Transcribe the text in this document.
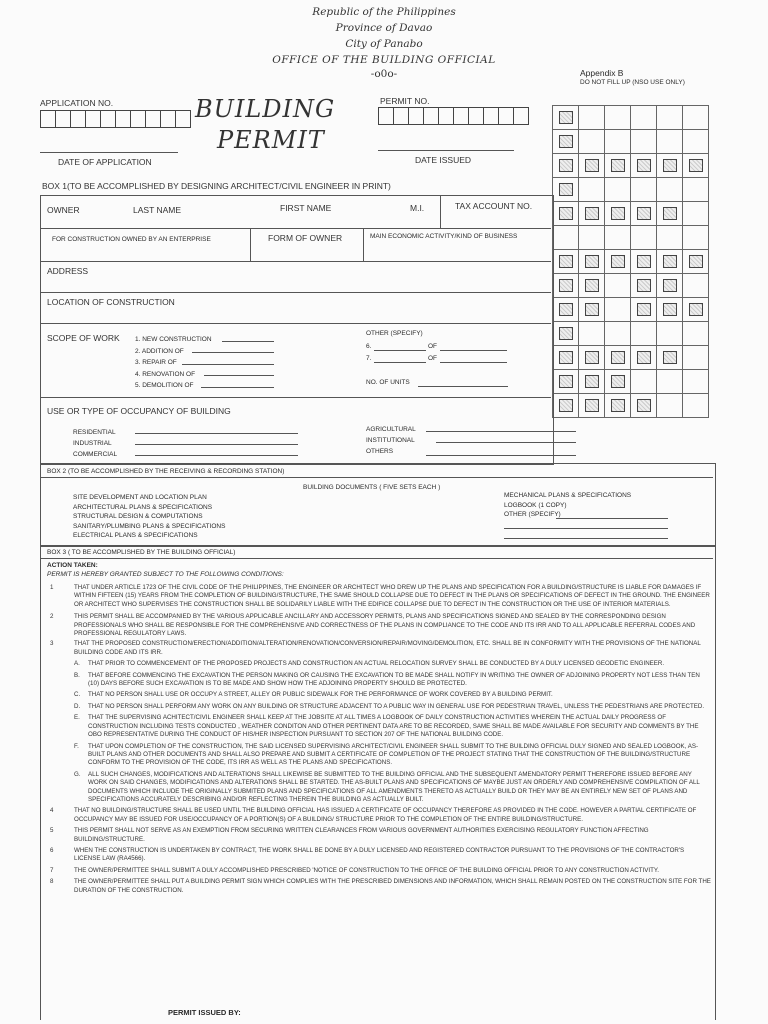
Republic of the Philippines
Province of Davao
City of Panabo
OFFICE OF THE BUILDING OFFICIAL
-o0o-	Appendix B
DO NOT FILL UP (NSO USE ONLY)
APPLICATION NO.
DATE OF APPLICATION
BUILDING
PERMIT
PERMIT NO.
DATE ISSUED

BOX 1(TO BE ACCOMPLISHED BY DESIGNING ARCHITECT/CIVIL ENGINEER IN PRINT)
OWNER	LAST NAME	FIRST NAME	M.I.	TAX ACCOUNT NO.
FOR CONSTRUCTION OWNED BY AN ENTERPRISE	FORM OF OWNER	MAIN ECONOMIC ACTIVITY/KIND OF BUSINESS
ADDRESS
LOCATION OF CONSTRUCTION
SCOPE OF WORK 1. NEW CONSTRUCTION
2. ADDITION OF
3. REPAIR OF
4. RENOVATION OF
5. DEMOLITION OF
OTHER (SPECIFY)
6.	OF
7.	OF
NO. OF UNITS
USE OR TYPE OF OCCUPANCY OF BUILDING
RESIDENTIAL
INDUSTRIAL
COMMERCIAL
AGRICULTURAL
INSTITUTIONAL
OTHERS
BOX 2 (TO BE ACCOMPLISHED BY THE RECEIVING & RECORDING STATION)
BUILDING DOCUMENTS ( FIVE SETS EACH )
SITE DEVELOPMENT AND LOCATION PLAN
ARCHITECTURAL PLANS & SPECIFICATIONS
STRUCTURAL DESIGN & COMPUTATIONS
SANITARY/PLUMBING PLANS & SPECIFICATIONS
ELECTRICAL PLANS & SPECIFICATIONS
MECHANICAL PLANS & SPECIFICATIONS
LOGBOOK (1 COPY)
OTHER (SPECIFY)
BOX 3 ( TO BE ACCOMPLISHED BY THE BUILDING OFFICIAL)
ACTION TAKEN:
PERMIT IS HEREBY GRANTED SUBJECT TO THE FOLLOWING CONDITIONS:
1	THAT UNDER ARTICLE 1723 OF THE CIVIL CODE OF THE PHILIPPINES, THE ENGINEER OR ARCHITECT WHO DREW UP THE PLANS AND SPECIFICATION FOR A BUILDING/STRUCTURE IS LIABLE FOR DAMAGES IF WITHIN FIFTEEN (15) YEARS FROM THE COMPLETION OF BUILDING/STRUCTURE, THE SAME SHOULD COLLAPSE DUE TO DEFECT IN THE PLANS OR SPECIFICATIONS OF DEFECT IN THE GROUND. THE ENGINEER OR ARCHITECT WHO SUPERVISES THE CONSTRUCTION SHALL BE SOLIDARILY LIABLE WITH THE EDIFICE COLLAPSE DUE TO DEFECT IN THE CONSTRUCTION OR THE USE OF INTERIOR MATERIALS.
2	THIS PERMIT SHALL BE ACCOMPANIED BY THE VARIOUS APPLICABLE ANCILLARY AND ACCESSORY PERMITS, PLANS AND SPECIFICATIONS SIGNED AND SEALED BY THE CORRESPONDING DESIGN PROFESSIONALS WHO SHALL BE RESPONSIBLE FOR THE COMPREHENSIVE AND CORRECTNESS OF THE PLANS IN COMPLIANCE TO THE CODE AND ITS IRR AND TO ALL APPLICABLE REFERRAL CODES AND PROFESSIONAL REGULATORY LAWS.
3	THAT THE PROPOSED CONSTRUCTION/ERECTION/ADDITION/ALTERATION/RENOVATION/CONVERSION/REPAIR/MOVING/DEMOLITION, ETC. SHALL BE IN CONFORMITY WITH THE PROVISIONS OF THE NATIONAL BUILDING CODE AND ITS IRR.
A. THAT PRIOR TO COMMENCEMENT OF THE PROPOSED PROJECTS AND CONSTRUCTION AN ACTUAL RELOCATION SURVEY SHALL BE CONDUCTED BY A DULY LICENSED GEODETIC ENGINEER.
B. THAT BEFORE COMMENCING THE EXCAVATION THE PERSON MAKING OR CAUSING THE EXCAVATION TO BE MADE SHALL NOTIFY IN WRITING THE OWNER OF ADJOINING PROPERTY NOT LESS THAN TEN (10) DAYS BEFORE SUCH EXCAVATION IS TO BE MADE AND SHOW HOW THE ADJOINING PROPERTY SHOULD BE PROTECTED.
C. THAT NO PERSON SHALL USE OR OCCUPY A STREET, ALLEY OR PUBLIC SIDEWALK FOR THE PERFORMANCE OF WORK COVERED BY A BUILDING PERMIT.
D. THAT NO PERSON SHALL PERFORM ANY WORK ON ANY BUILDING OR STRUCTURE ADJACENT TO A PUBLIC WAY IN GENERAL USE FOR PEDESTRIAN TRAVEL, UNLESS THE PEDESTRIANS ARE PROTECTED.
E. THAT THE SUPERVISING ACHITECT/CIVIL ENGINEER SHALL KEEP AT THE JOBSITE AT ALL TIMES A LOGBOOK OF DAILY CONSTRUCTION ACTIVITIES WHEREIN THE ACTUAL DAILY PROGRESS OF CONSTRUCTION INCLUDING TESTS CONDUCTED , WEATHER CONDITON AND OTHER PERTINENT DATA ARE TO BE RECORDED, SAME SHALL BE MADE AVAILABLE FOR SECURITY AND COMMENTS BY THE OBO REPRESENTATIVE DURING THE CONDUCT OF HIS/HER INSPECTION PURSUANT TO SECTION 207 OF THE NATIONAL BUILDING CODE.
F. THAT UPON COMPLETION OF THE CONSTRUCTION, THE SAID LICENSED SUPERVISING ARCHITECT/CIVIL ENGINEER SHALL SUBMIT TO THE BUILDING OFFICIAL DULY SIGNED AND SEALED LOGBOOK, AS-BUILT PLANS AND OTHER DOCUMENTS AND SHALL ALSO PREPARE AND SUBMIT A CERTIFICATE OF COMPLETION OF THE PROJECT STATING THAT THE CONSTRUCTION OF THE BUILDING/STRUCTURE CONFORM TO THE PROVISION OF THE CODE, ITS IRR AS WELL AS THE PLANS AND SPECIFICATIONS.
G. ALL SUCH CHANGES, MODIFICATIONS AND ALTERATIONS SHALL LIKEWISE BE SUBMITTED TO THE BUILDING OFFICIAL AND THE SUBSEQUENT AMENDATORY PERMIT THEREFORE ISSUED BEFORE ANY WORK ON SAID CHANGES, MODIFICATIONS AND ALTERATIONS SHALL BE STARTED. THE AS-BUILT PLANS AND SPECIFICATIONS OF MAYBE JUST AN ORDERLY AND COMPREHENSIVE COMPILATION OF ALL DOCUMENTS WHICH INCLUDE THE ORIGINALLY SUBMITED PLANS AND SPECIFICATIONS OF ALL AMENDMENTS THERETO AS ACTUALLY BUILD OR THEY MAY BE AN ENTIRELY NEW SET OF PLANS AND SPECIFICATIONS ACCURATELY DESCRIBING AND/OR REFLECTING THEREIN THE BUILDING AS ACTUALLY BUILT.
4	THAT NO BUILDING/STRUCTURE SHALL BE USED UNTIL THE BUILDING OFFICIAL HAS ISSUED A CERTIFICATE OF OCCUPANCY THEREFORE AS PROVIDED IN THE CODE. HOWEVER A PARTIAL CERTIFICATE OF OCCUPANCY MAY BE ISSUED FOR USE/OCCUPANCY OF A PORTION(S) OF A BUILDING/ STRUCTURE PRIOR TO THE COMPLETION OF THE ENTIRE BUILDING/STRUCTURE.
5	THIS PERMIT SHALL NOT SERVE AS AN EXEMPTION FROM SECURING WRITTEN CLEARANCES FROM VARIOUS GOVERNMENT AUTHORITIES EXERCISING REGULATORY FUNCTION AFFECTING BUILDING/STRUCTURE.
6	WHEN THE CONSTRUCTION IS UNDERTAKEN BY CONTRACT, THE WORK SHALL BE DONE BY A DULY LICENSED AND REGISTERED CONTRACTOR PURSUANT TO THE PROVISIONS OF THE CONTRACTOR'S LICENSE LAW (RA4566).
7	THE OWNER/PERMITTEE SHALL SUBMIT A DULY ACCOMPLISHED PRESCRIBED 'NOTICE OF CONSTRUCTION TO THE OFFICE OF THE BUILDING OFFICIAL PRIOR TO ANY CONSTRUCTION ACTIVITY.
8	THE OWNER/PERMITTEE SHALL PUT A BUILDING PERMIT SIGN WHICH COMPLIES WITH THE PRESCRIBED DIMENSIONS AND INFORMATION, WHICH SHALL REMAIN POSTED ON THE CONSTRUCTION SITE FOR THE DURATION OF THE CONSTRUCTION.
PERMIT ISSUED BY:
